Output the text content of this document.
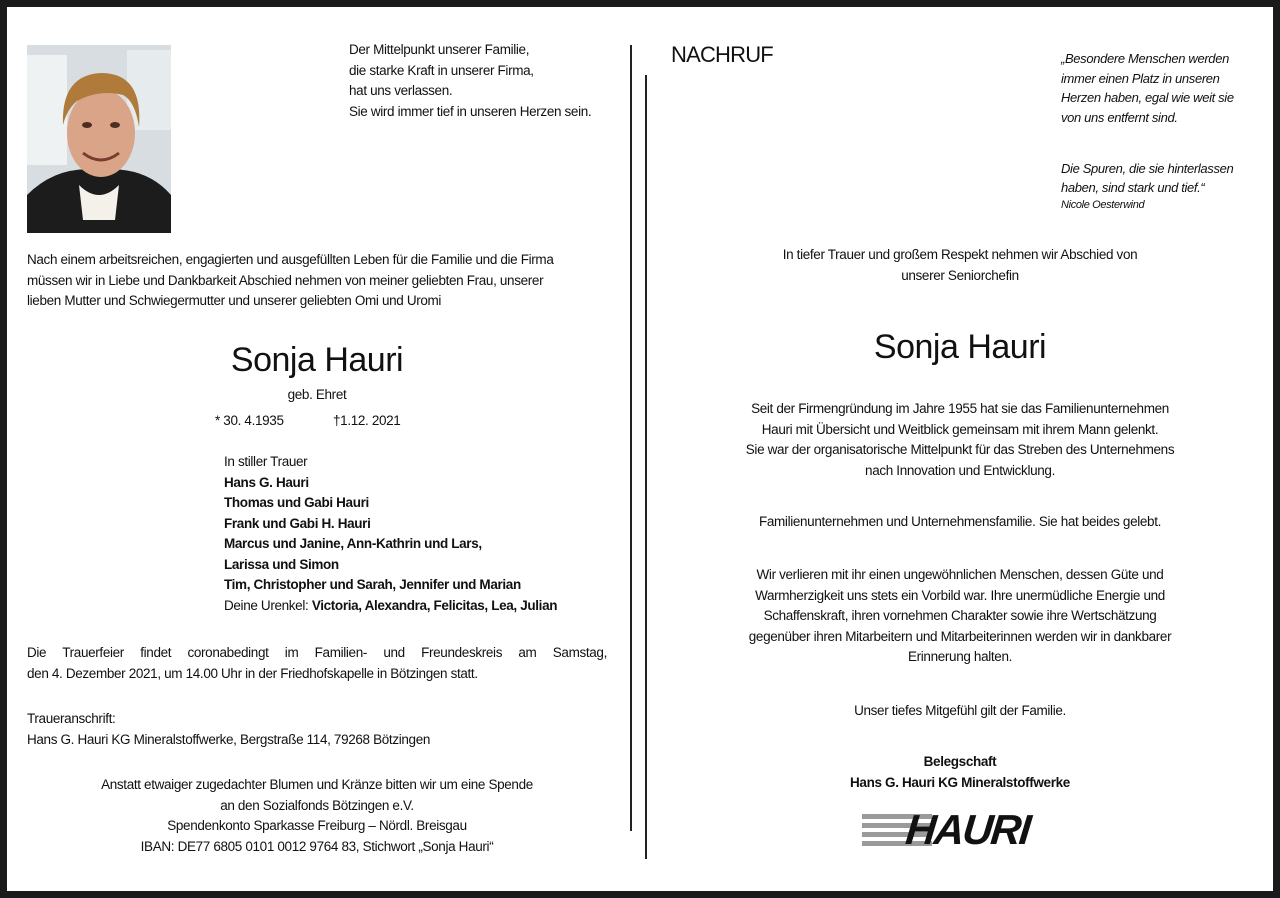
Der Mittelpunkt unserer Familie,
die starke Kraft in unserer Firma,
hat uns verlassen.
Sie wird immer tief in unseren Herzen sein.
Nach einem arbeitsreichen, engagierten und ausgefüllten Leben für die Familie und die Firma
müssen wir in Liebe und Dankbarkeit Abschied nehmen von meiner geliebten Frau, unserer
lieben Mutter und Schwiegermutter und unserer geliebten Omi und Uromi
Sonja Hauri
geb. Ehret
* 30. 4.1935	†1.12. 2021
In stiller Trauer
Hans G. Hauri
Thomas und Gabi Hauri
Frank und Gabi H. Hauri
Marcus und Janine, Ann-Kathrin und Lars,
Larissa und Simon
Tim, Christopher und Sarah, Jennifer und Marian
Deine Urenkel: Victoria, Alexandra, Felicitas, Lea, Julian
Die Trauerfeier findet coronabedingt im Familien- und Freundeskreis am Samstag,
den 4. Dezember 2021, um 14.00 Uhr in der Friedhofskapelle in Bötzingen statt.
Traueranschrift:
Hans G. Hauri KG Mineralstoffwerke, Bergstraße 114, 79268 Bötzingen
Anstatt etwaiger zugedachter Blumen und Kränze bitten wir um eine Spende
an den Sozialfonds Bötzingen e.V.
Spendenkonto Sparkasse Freiburg – Nördl. Breisgau
IBAN: DE77 6805 0101 0012 9764 83, Stichwort „Sonja Hauri“
NACHRUF	„Besondere Menschen werden
immer einen Platz in unseren
Herzen haben, egal wie weit sie
von uns entfernt sind.
Die Spuren, die sie hinterlassen
haben, sind stark und tief.“
Nicole Oesterwind
In tiefer Trauer und großem Respekt nehmen wir Abschied von
unserer Seniorchefin
Sonja Hauri
Seit der Firmengründung im Jahre 1955 hat sie das Familienunternehmen
Hauri mit Übersicht und Weitblick gemeinsam mit ihrem Mann gelenkt.
Sie war der organisatorische Mittelpunkt für das Streben des Unternehmens
nach Innovation und Entwicklung.
Familienunternehmen und Unternehmensfamilie. Sie hat beides gelebt.
Wir verlieren mit ihr einen ungewöhnlichen Menschen, dessen Güte und
Warmherzigkeit uns stets ein Vorbild war. Ihre unermüdliche Energie und
Schaffenskraft, ihren vornehmen Charakter sowie ihre Wertschätzung
gegenüber ihren Mitarbeitern und Mitarbeiterinnen werden wir in dankbarer
Erinnerung halten.
Unser tiefes Mitgefühl gilt der Familie.
Belegschaft
Hans G. Hauri KG Mineralstoffwerke
HAURI
